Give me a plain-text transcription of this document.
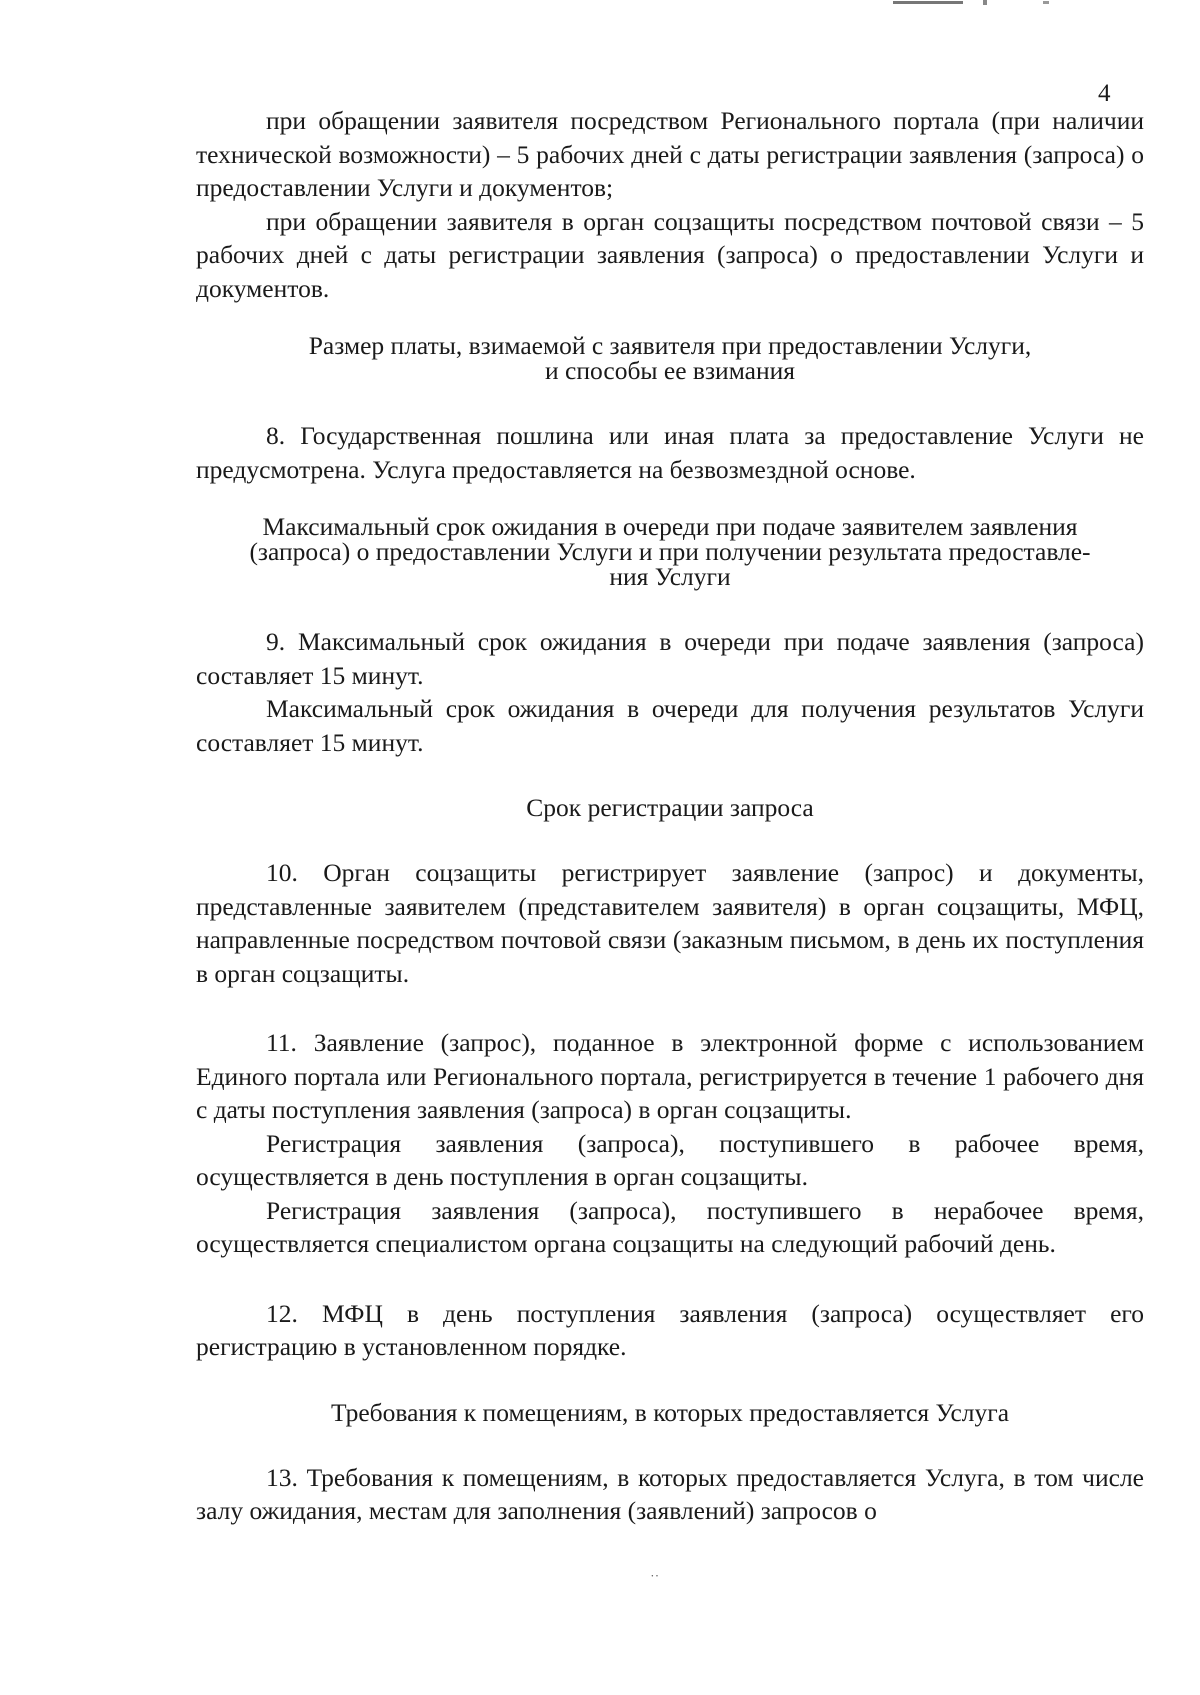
4

при обращении заявителя посредством Регионального портала (при наличии технической возможности) – 5 рабочих дней с даты регистрации заявления (запроса) о предоставлении Услуги и документов;

при обращении заявителя в орган соцзащиты посредством почтовой связи – 5 рабочих дней с даты регистрации заявления (запроса) о предоставлении Услуги и документов.

Размер платы, взимаемой с заявителя при предоставлении Услуги,

и способы ее взимания

8. Государственная пошлина или иная плата за предоставление Услуги не предусмотрена. Услуга предоставляется на безвозмездной основе.

Максимальный срок ожидания в очереди при подаче заявителем заявления

(запроса) о предоставлении Услуги и при получении результата предоставле-

ния Услуги

9. Максимальный срок ожидания в очереди при подаче заявления (запроса) составляет 15 минут.

Максимальный срок ожидания в очереди для получения результатов Услуги составляет 15 минут.

Срок регистрации запроса

10. Орган соцзащиты регистрирует заявление (запрос) и документы, представленные заявителем (представителем заявителя) в орган соцзащиты, МФЦ, направленные посредством почтовой связи (заказным письмом, в день их поступления в орган соцзащиты.

11. Заявление (запрос), поданное в электронной форме с использованием Единого портала или Регионального портала, регистрируется в течение 1 рабочего дня с даты поступления заявления (запроса) в орган соцзащиты.

Регистрация заявления (запроса), поступившего в рабочее время, осуществляется в день поступления в орган соцзащиты.

Регистрация заявления (запроса), поступившего в нерабочее время, осуществляется специалистом органа соцзащиты на следующий рабочий день.

12. МФЦ в день поступления заявления (запроса) осуществляет его регистрацию в установленном порядке.

Требования к помещениям, в которых предоставляется Услуга

13. Требования к помещениям, в которых предоставляется Услуга, в том числе залу ожидания, местам для заполнения (заявлений) запросов о

˙˙
